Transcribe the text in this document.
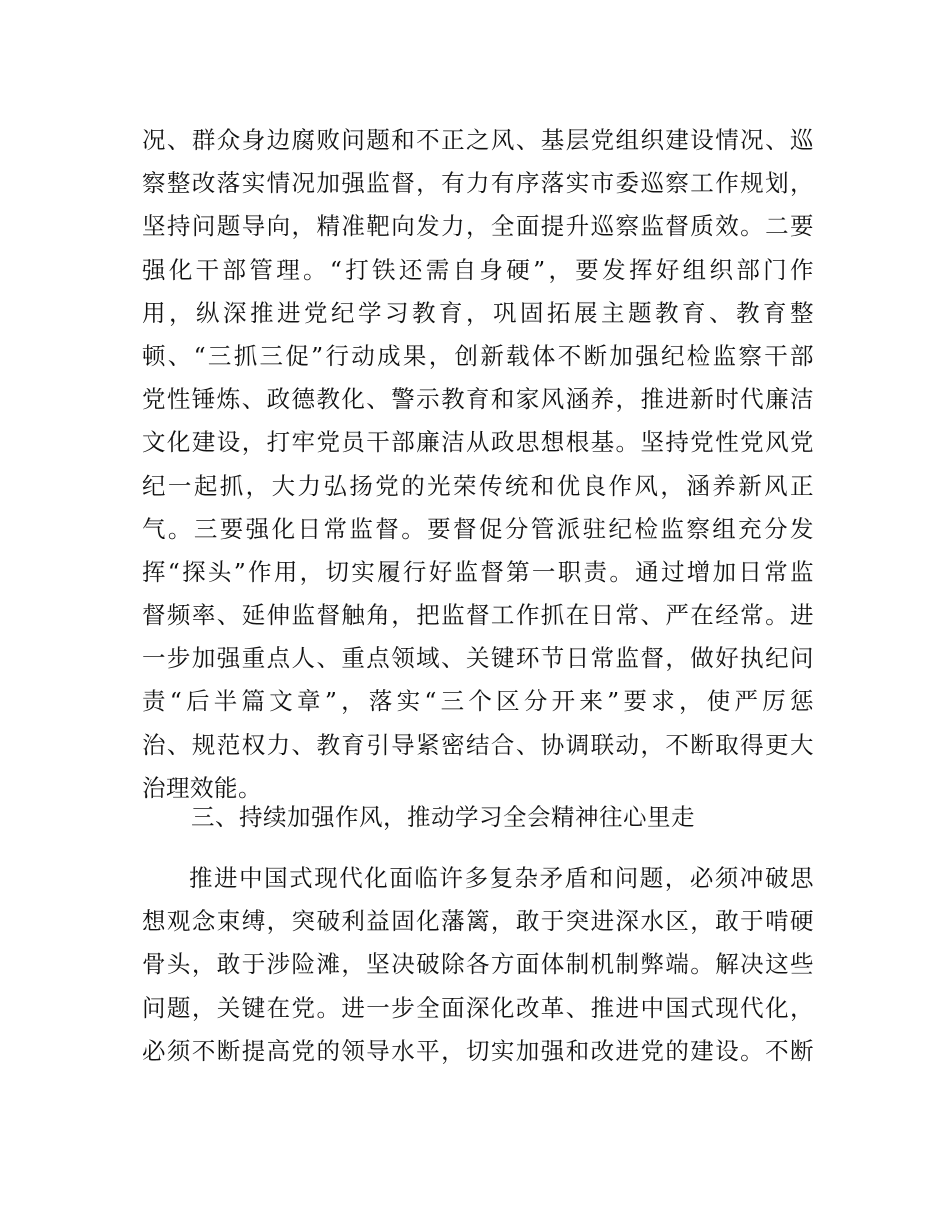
况、群众身边腐败问题和不正之风、基层党组织建设情况、巡
察整改落实情况加强监督，有力有序落实市委巡察工作规划，
坚持问题导向，精准靶向发力，全面提升巡察监督质效。二要
强化干部管理。“打铁还需自身硬”，要发挥好组织部门作
用，纵深推进党纪学习教育，巩固拓展主题教育、教育整
顿、“三抓三促”行动成果，创新载体不断加强纪检监察干部
党性锤炼、政德教化、警示教育和家风涵养，推进新时代廉洁
文化建设，打牢党员干部廉洁从政思想根基。坚持党性党风党
纪一起抓，大力弘扬党的光荣传统和优良作风，涵养新风正
气。三要强化日常监督。要督促分管派驻纪检监察组充分发
挥“探头”作用，切实履行好监督第一职责。通过增加日常监
督频率、延伸监督触角，把监督工作抓在日常、严在经常。进
一步加强重点人、重点领域、关键环节日常监督，做好执纪问
责“后半篇文章”，落实“三个区分开来”要求，使严厉惩
治、规范权力、教育引导紧密结合、协调联动，不断取得更大
治理效能。
三、持续加强作风，推动学习全会精神往心里走
推进中国式现代化面临许多复杂矛盾和问题，必须冲破思
想观念束缚，突破利益固化藩篱，敢于突进深水区，敢于啃硬
骨头，敢于涉险滩，坚决破除各方面体制机制弊端。解决这些
问题，关键在党。进一步全面深化改革、推进中国式现代化，
必须不断提高党的领导水平，切实加强和改进党的建设。不断
